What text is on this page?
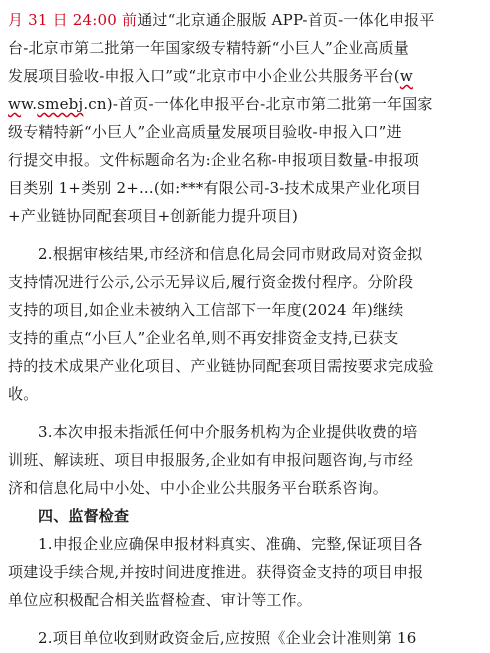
月 31 日 24:00 前通过“北京通企服版 APP-首页-一体化申报平
台-北京市第二批第一年国家级专精特新“小巨人”企业高质量
发展项目验收-申报入口”或“北京市中小企业公共服务平台(w
ww.smebj.cn)-首页-一体化申报平台-北京市第二批第一年国家
级专精特新“小巨人”企业高质量发展项目验收-申报入口”进
行提交申报。文件标题命名为:企业名称-申报项目数量-申报项
目类别 1+类别 2+...(如:***有限公司-3-技术成果产业化项目
+产业链协同配套项目+创新能力提升项目)
2.根据审核结果,市经济和信息化局会同市财政局对资金拟
支持情况进行公示,公示无异议后,履行资金拨付程序。分阶段
支持的项目,如企业未被纳入工信部下一年度(2024 年)继续
支持的重点“小巨人”企业名单,则不再安排资金支持,已获支
持的技术成果产业化项目、产业链协同配套项目需按要求完成验
收。
3.本次申报未指派任何中介服务机构为企业提供收费的培
训班、解读班、项目申报服务,企业如有申报问题咨询,与市经
济和信息化局中小处、中小企业公共服务平台联系咨询。
四、监督检查
1.申报企业应确保申报材料真实、准确、完整,保证项目各
项建设手续合规,并按时间进度推进。获得资金支持的项目申报
单位应积极配合相关监督检查、审计等工作。
2.项目单位收到财政资金后,应按照《企业会计准则第 16
